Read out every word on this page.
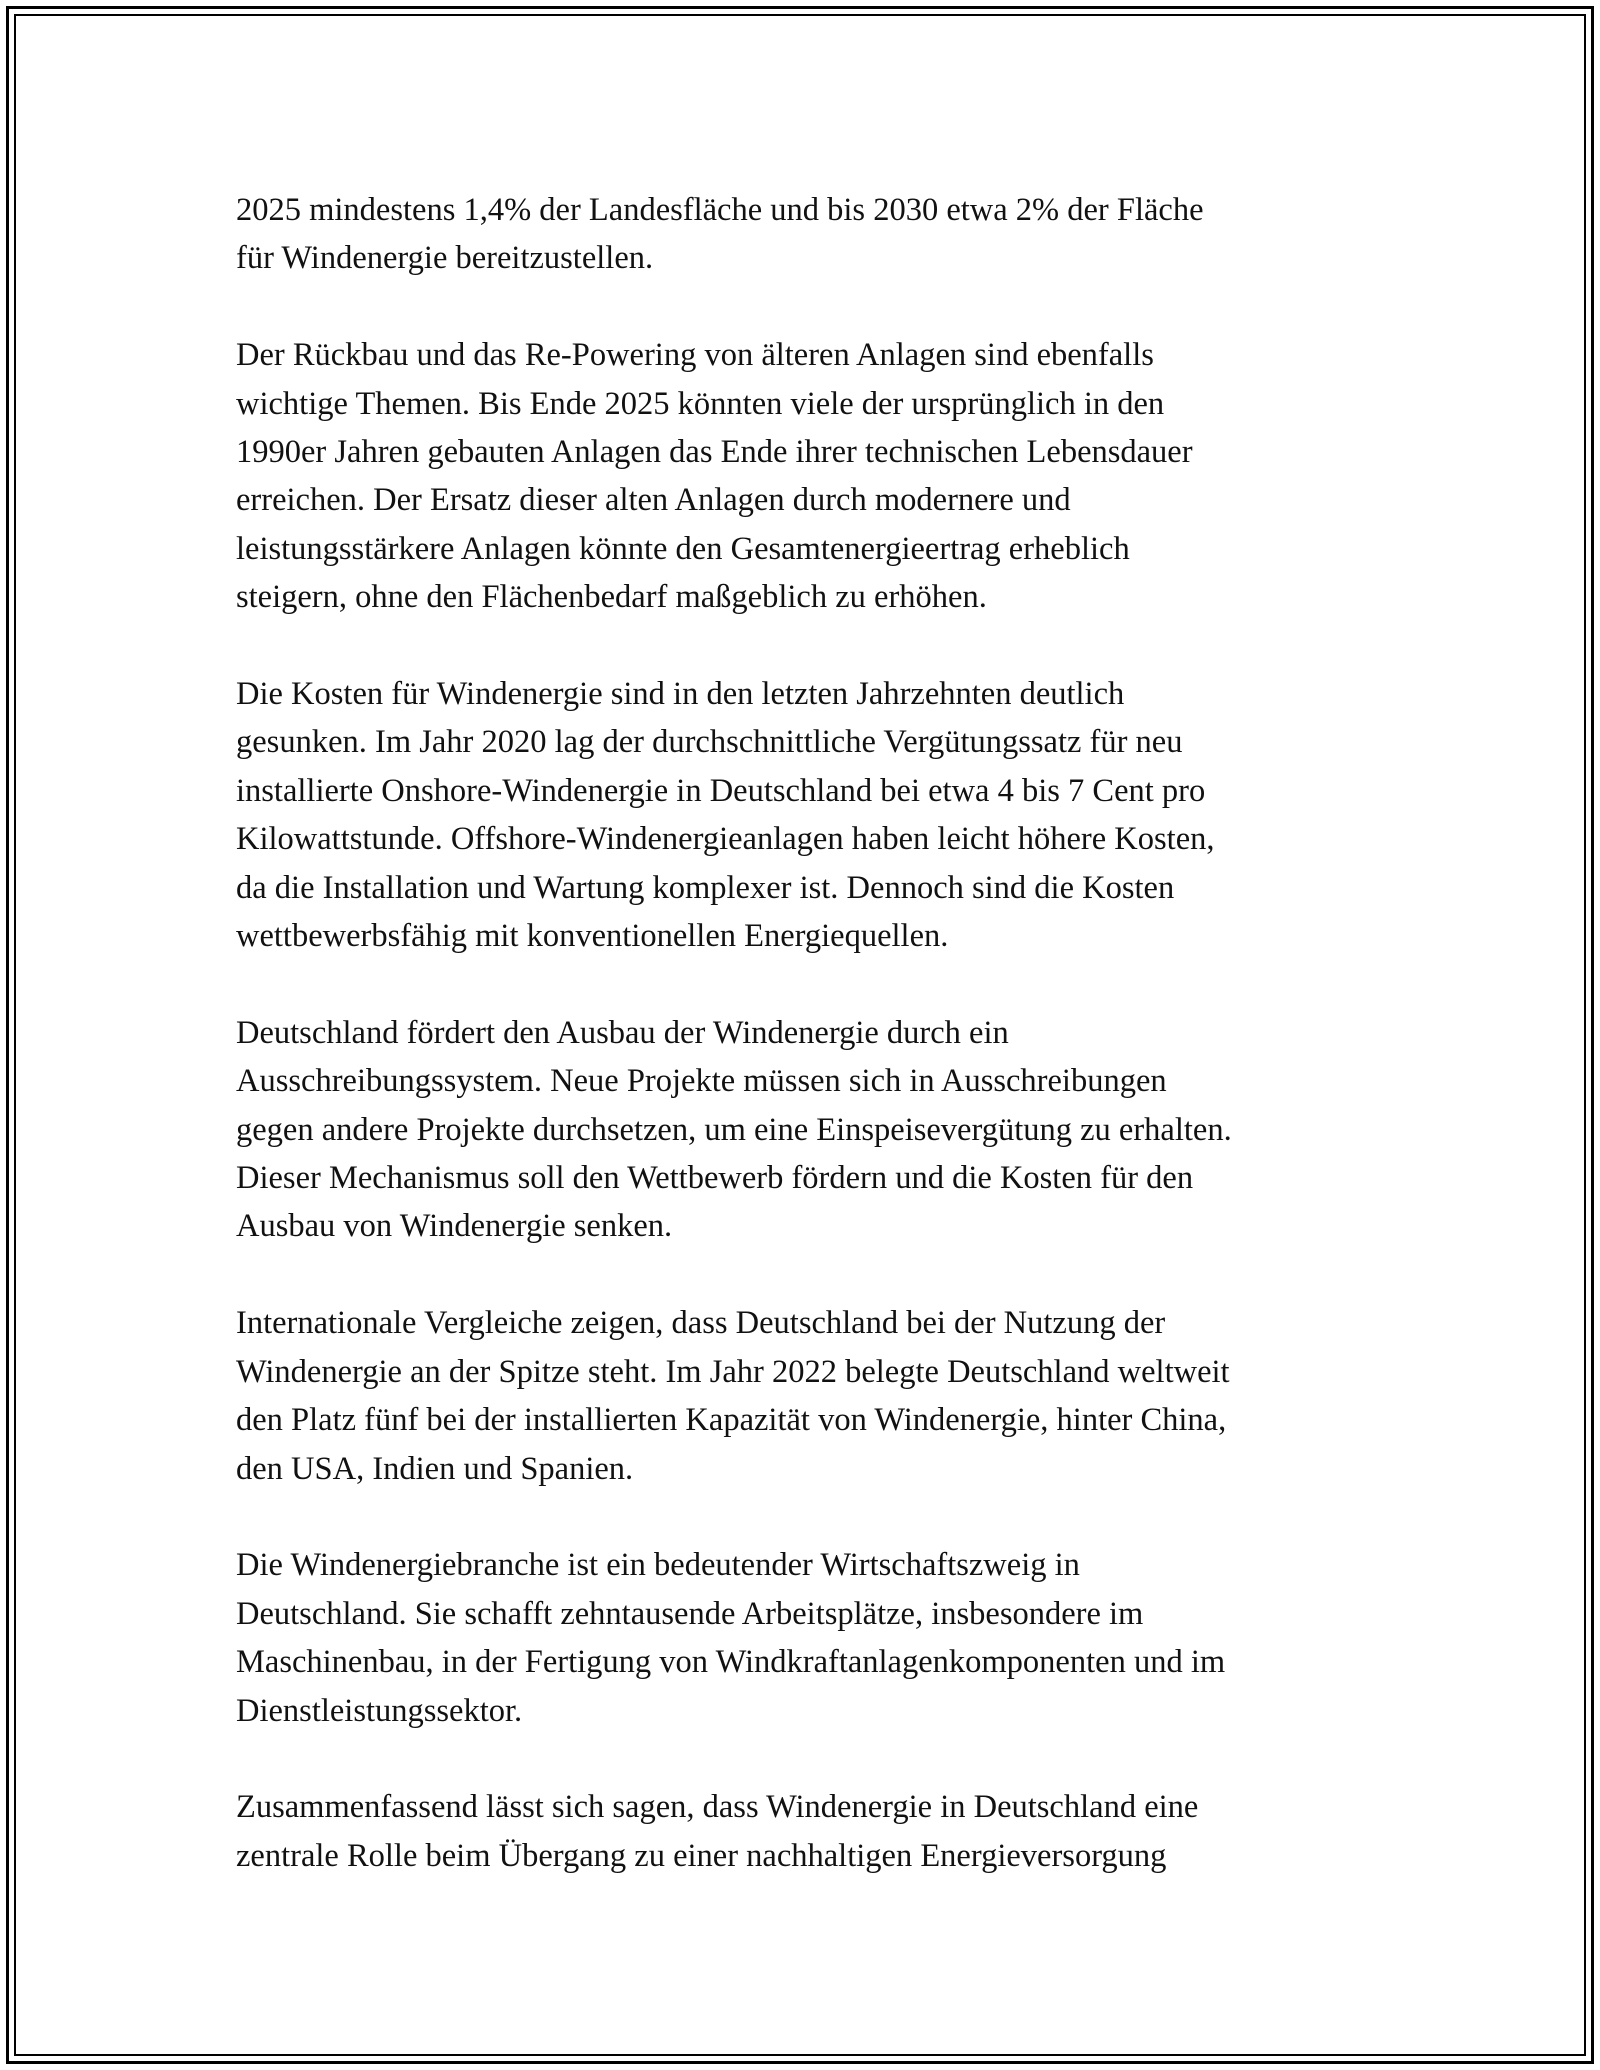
2025 mindestens 1,4% der Landesfläche und bis 2030 etwa 2% der Fläche
für Windenergie bereitzustellen.

Der Rückbau und das Re-Powering von älteren Anlagen sind ebenfalls
wichtige Themen. Bis Ende 2025 könnten viele der ursprünglich in den
1990er Jahren gebauten Anlagen das Ende ihrer technischen Lebensdauer
erreichen. Der Ersatz dieser alten Anlagen durch modernere und
leistungsstärkere Anlagen könnte den Gesamtenergieertrag erheblich
steigern, ohne den Flächenbedarf maßgeblich zu erhöhen.

Die Kosten für Windenergie sind in den letzten Jahrzehnten deutlich
gesunken. Im Jahr 2020 lag der durchschnittliche Vergütungssatz für neu
installierte Onshore-Windenergie in Deutschland bei etwa 4 bis 7 Cent pro
Kilowattstunde. Offshore-Windenergieanlagen haben leicht höhere Kosten,
da die Installation und Wartung komplexer ist. Dennoch sind die Kosten
wettbewerbsfähig mit konventionellen Energiequellen.

Deutschland fördert den Ausbau der Windenergie durch ein
Ausschreibungssystem. Neue Projekte müssen sich in Ausschreibungen
gegen andere Projekte durchsetzen, um eine Einspeisevergütung zu erhalten.
Dieser Mechanismus soll den Wettbewerb fördern und die Kosten für den
Ausbau von Windenergie senken.

Internationale Vergleiche zeigen, dass Deutschland bei der Nutzung der
Windenergie an der Spitze steht. Im Jahr 2022 belegte Deutschland weltweit
den Platz fünf bei der installierten Kapazität von Windenergie, hinter China,
den USA, Indien und Spanien.

Die Windenergiebranche ist ein bedeutender Wirtschaftszweig in
Deutschland. Sie schafft zehntausende Arbeitsplätze, insbesondere im
Maschinenbau, in der Fertigung von Windkraftanlagenkomponenten und im
Dienstleistungssektor.

Zusammenfassend lässt sich sagen, dass Windenergie in Deutschland eine
zentrale Rolle beim Übergang zu einer nachhaltigen Energieversorgung
